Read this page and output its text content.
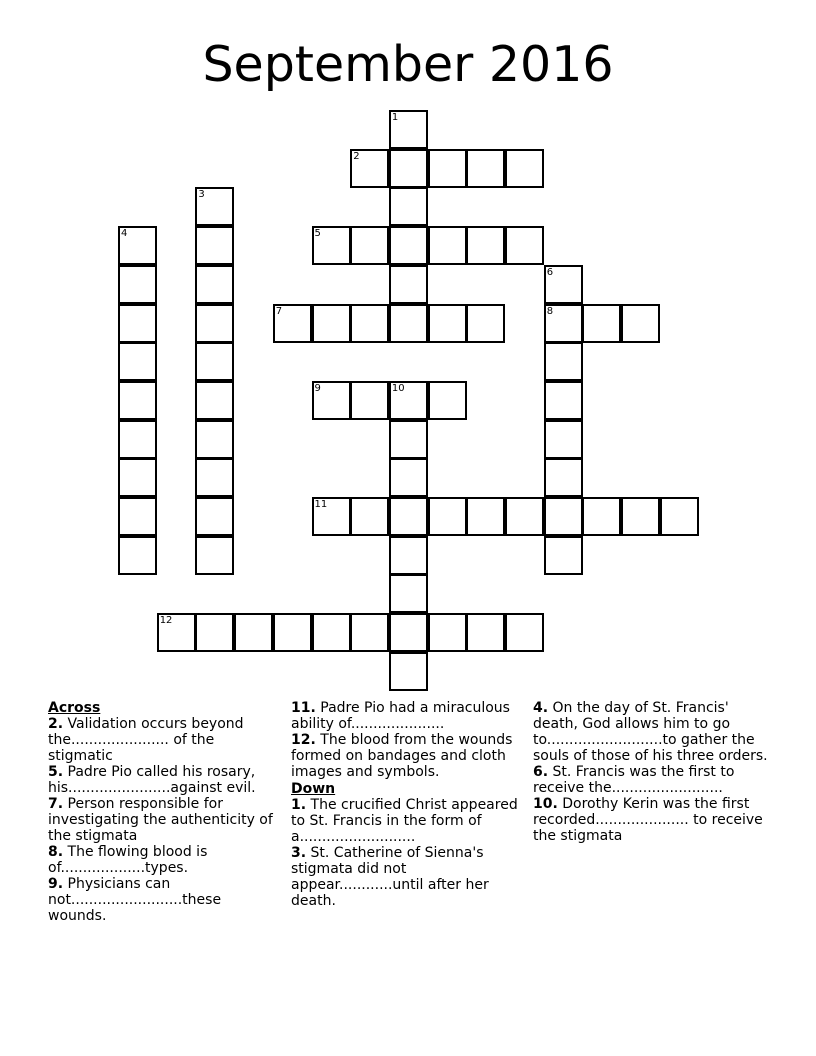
September 2016
1
2
3
4	5
6
7	8
9	10
11
12

Across

2. Validation occurs beyond the...................... of the stigmatic

5. Padre Pio called his rosary, his.......................against evil.

7. Person responsible for investigating the authenticity of the stigmata

8. The flowing blood is of...................types.

9. Physicians can not.........................these wounds.

11. Padre Pio had a miraculous ability of.....................

12. The blood from the wounds formed on bandages and cloth images and symbols.

Down

1. The crucified Christ appeared to St. Francis in the form of a..........................

3. St. Catherine of Sienna's stigmata did not appear............until after her death.

4. On the day of St. Francis' death, God allows him to go to..........................to gather the souls of those of his three orders.

6. St. Francis was the first to receive the.........................

10. Dorothy Kerin was the first recorded..................... to receive the stigmata
